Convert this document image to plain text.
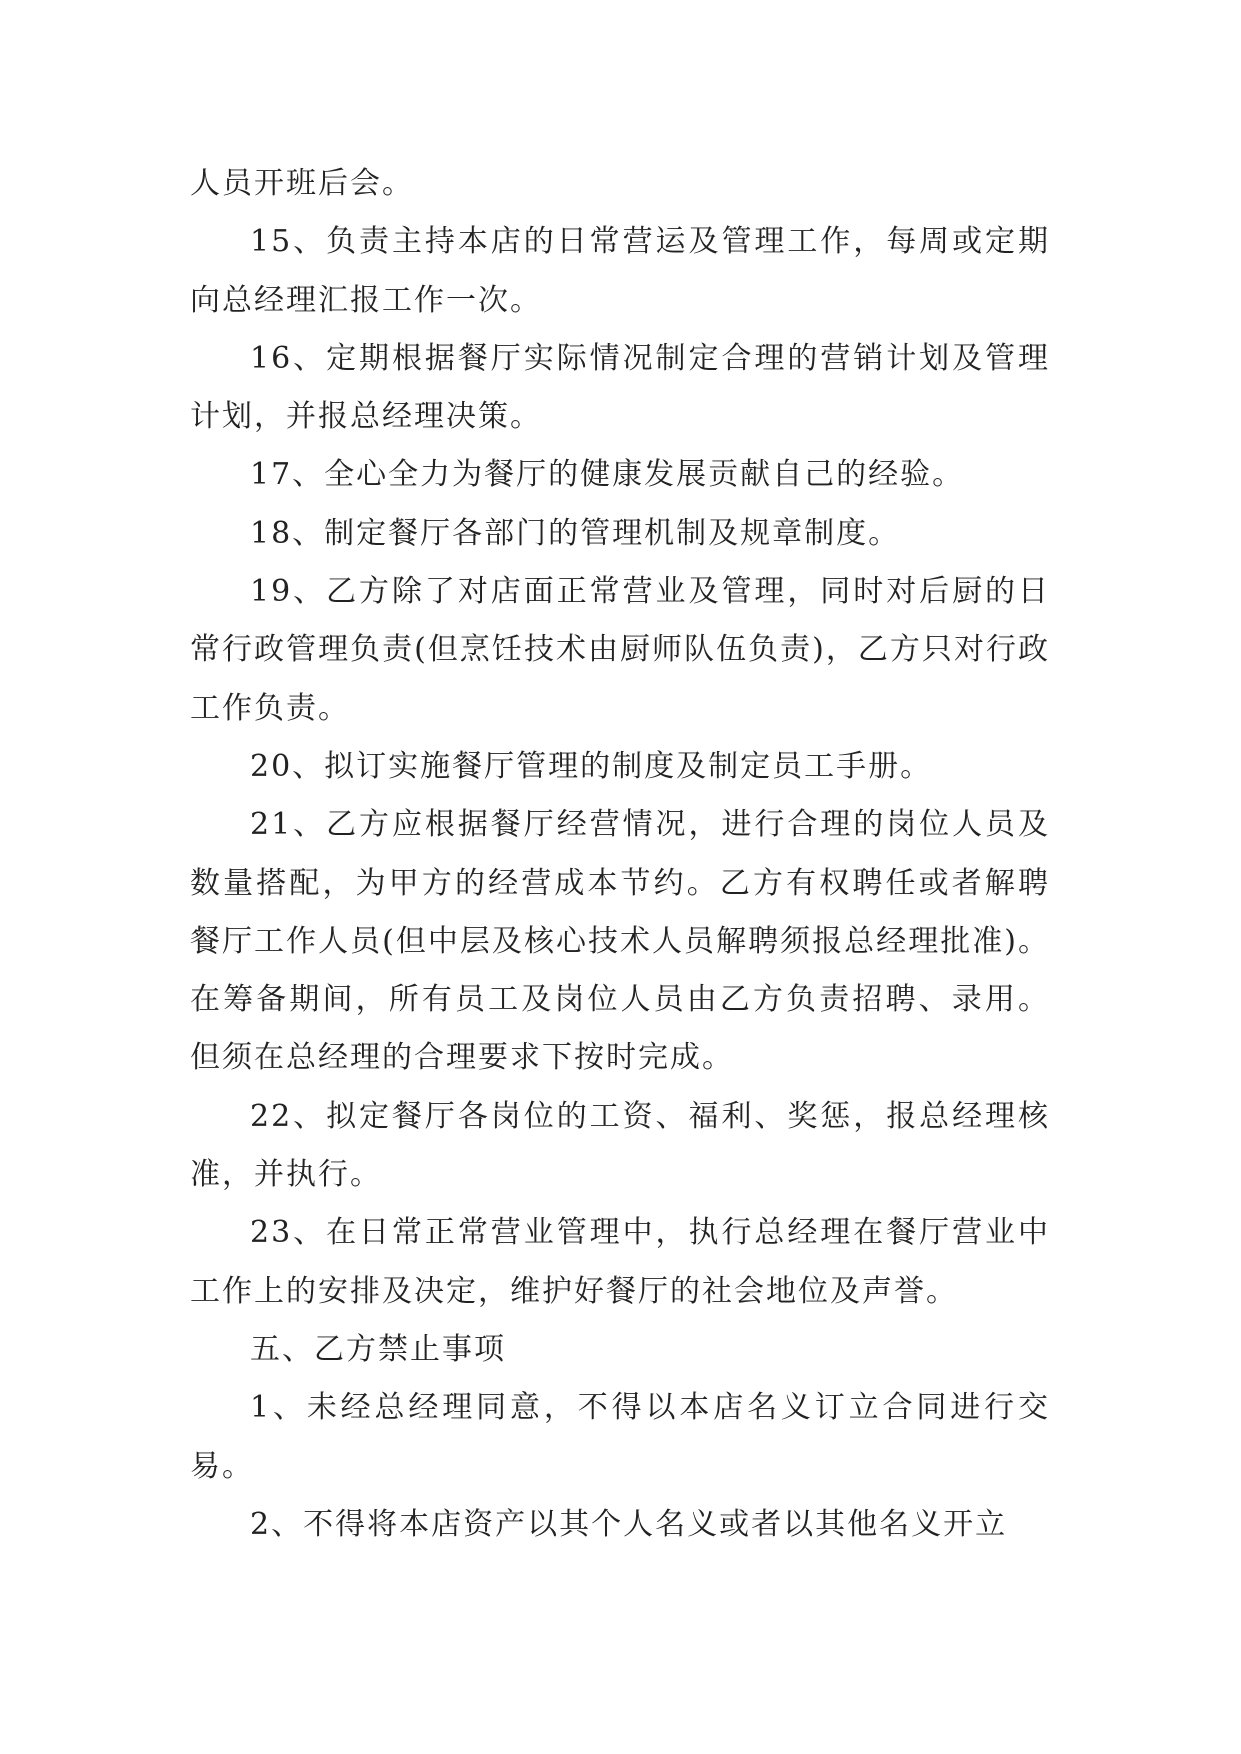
人员开班后会。

15、负责主持本店的日常营运及管理工作，每周或定期向总经理汇报工作一次。

16、定期根据餐厅实际情况制定合理的营销计划及管理计划，并报总经理决策。

17、全心全力为餐厅的健康发展贡献自己的经验。

18、制定餐厅各部门的管理机制及规章制度。

19、乙方除了对店面正常营业及管理，同时对后厨的日常行政管理负责(但烹饪技术由厨师队伍负责)，乙方只对行政工作负责。

20、拟订实施餐厅管理的制度及制定员工手册。

21、乙方应根据餐厅经营情况，进行合理的岗位人员及数量搭配，为甲方的经营成本节约。乙方有权聘任或者解聘餐厅工作人员(但中层及核心技术人员解聘须报总经理批准)。在筹备期间，所有员工及岗位人员由乙方负责招聘、录用。但须在总经理的合理要求下按时完成。

22、拟定餐厅各岗位的工资、福利、奖惩，报总经理核准，并执行。

23、在日常正常营业管理中，执行总经理在餐厅营业中工作上的安排及决定，维护好餐厅的社会地位及声誉。

五、乙方禁止事项

1、未经总经理同意，不得以本店名义订立合同进行交易。

2、不得将本店资产以其个人名义或者以其他名义开立
